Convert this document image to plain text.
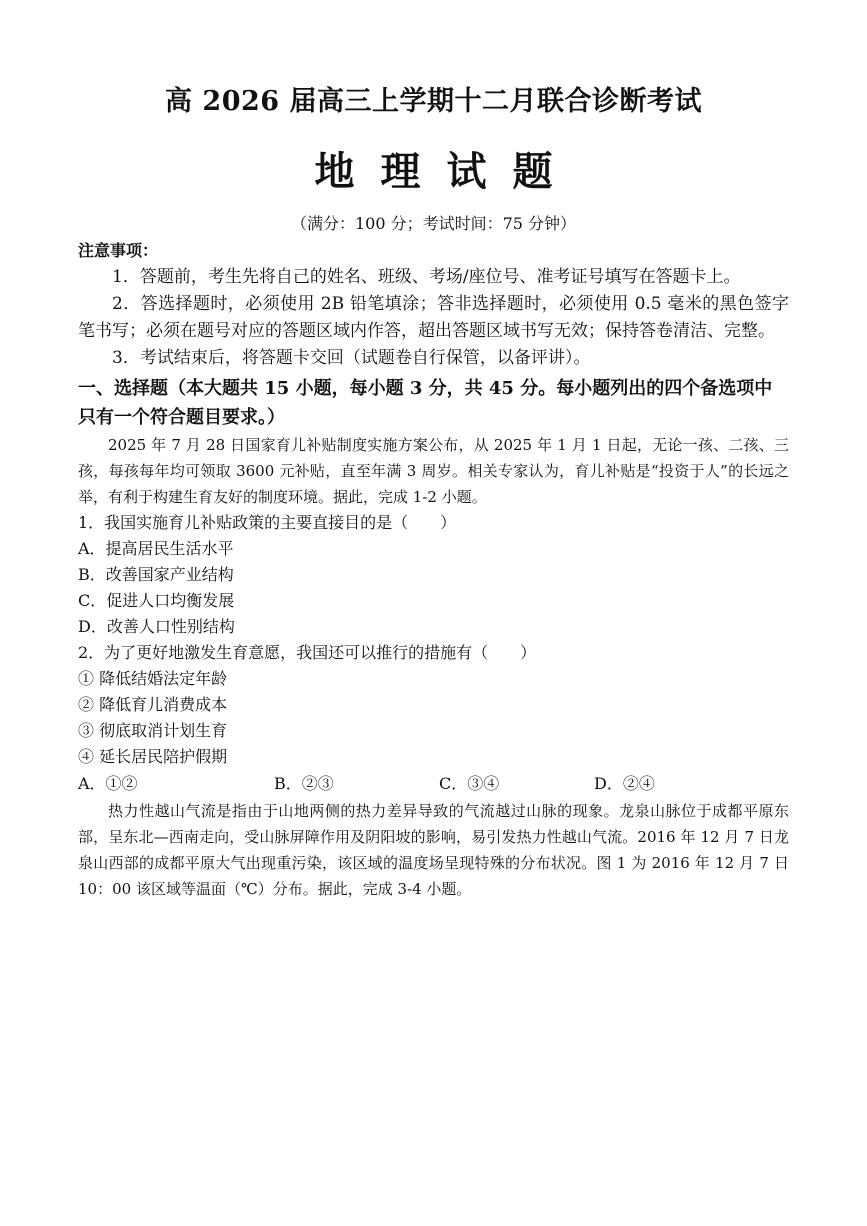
高 2026 届高三上学期十二月联合诊断考试
地理试题
（满分：100 分；考试时间：75 分钟）
注意事项：

1．答题前，考生先将自己的姓名、班级、考场/座位号、准考证号填写在答题卡上。

2．答选择题时，必须使用 2B 铅笔填涂；答非选择题时，必须使用 0.5 毫米的黑色签字笔书写；必须在题号对应的答题区域内作答，超出答题区域书写无效；保持答卷清洁、完整。

3．考试结束后，将答题卡交回（试题卷自行保管，以备评讲）。

一、选择题（本大题共 15 小题，每小题 3 分，共 45 分。每小题列出的四个备选项中只有一个符合题目要求。）

2025 年 7 月 28 日国家育儿补贴制度实施方案公布，从 2025 年 1 月 1 日起，无论一孩、二孩、三孩，每孩每年均可领取 3600 元补贴，直至年满 3 周岁。相关专家认为，育儿补贴是“投资于人”的长远之举，有利于构建生育友好的制度环境。据此，完成 1-2 小题。

1．我国实施育儿补贴政策的主要直接目的是（　　）
A．提高居民生活水平
B．改善国家产业结构
C．促进人口均衡发展
D．改善人口性别结构
2．为了更好地激发生育意愿，我国还可以推行的措施有（　　）
① 降低结婚法定年龄
② 降低育儿消费成本
③ 彻底取消计划生育
④ 延长居民陪护假期
A．①②	B．②③	C．③④	D．②④

热力性越山气流是指由于山地两侧的热力差异导致的气流越过山脉的现象。龙泉山脉位于成都平原东部，呈东北—西南走向，受山脉屏障作用及阴阳坡的影响，易引发热力性越山气流。2016 年 12 月 7 日龙泉山西部的成都平原大气出现重污染，该区域的温度场呈现特殊的分布状况。图 1 为 2016 年 12 月 7 日 10：00 该区域等温面（℃）分布。据此，完成 3-4 小题。
